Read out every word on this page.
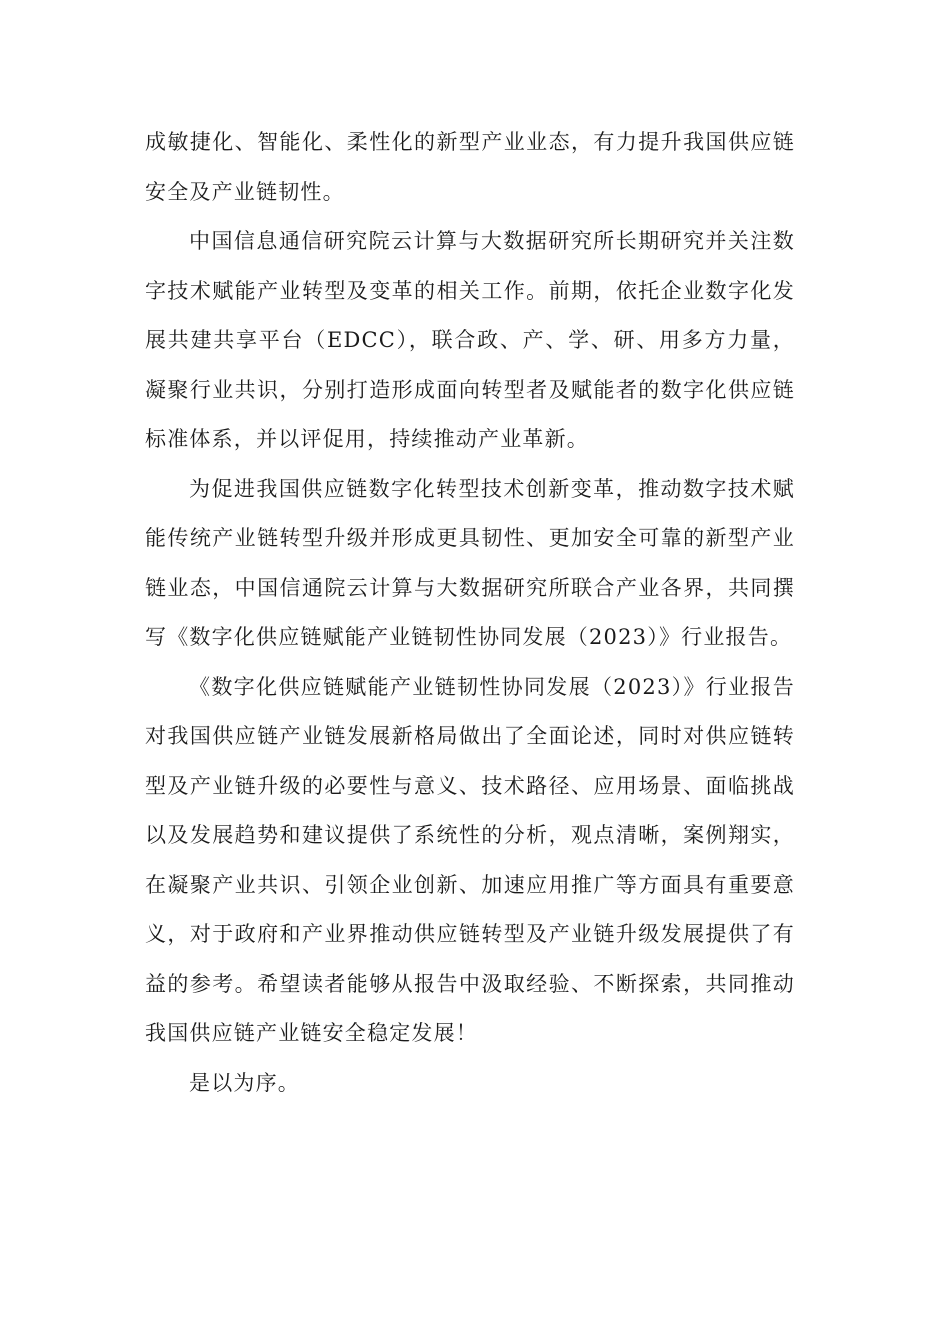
成敏捷化、智能化、柔性化的新型产业业态，有力提升我国供应链安全及产业链韧性。

中国信息通信研究院云计算与大数据研究所长期研究并关注数字技术赋能产业转型及变革的相关工作。前期，依托企业数字化发展共建共享平台（EDCC），联合政、产、学、研、用多方力量，凝聚行业共识，分别打造形成面向转型者及赋能者的数字化供应链标准体系，并以评促用，持续推动产业革新。

为促进我国供应链数字化转型技术创新变革，推动数字技术赋能传统产业链转型升级并形成更具韧性、更加安全可靠的新型产业链业态，中国信通院云计算与大数据研究所联合产业各界，共同撰写《数字化供应链赋能产业链韧性协同发展（2023）》行业报告。

《数字化供应链赋能产业链韧性协同发展（2023）》行业报告对我国供应链产业链发展新格局做出了全面论述，同时对供应链转型及产业链升级的必要性与意义、技术路径、应用场景、面临挑战以及发展趋势和建议提供了系统性的分析，观点清晰，案例翔实，在凝聚产业共识、引领企业创新、加速应用推广等方面具有重要意义，对于政府和产业界推动供应链转型及产业链升级发展提供了有益的参考。希望读者能够从报告中汲取经验、不断探索，共同推动我国供应链产业链安全稳定发展！

是以为序。
